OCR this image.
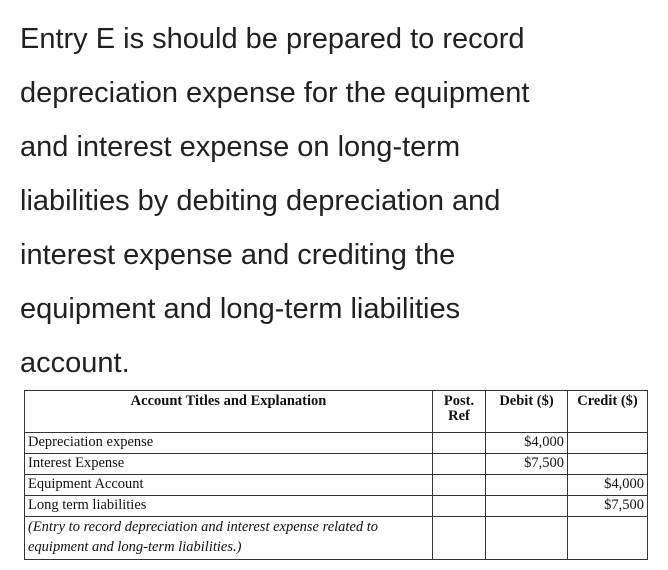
Entry E is should be prepared to record
depreciation expense for the equipment
and interest expense on long-term
liabilities by debiting depreciation and
interest expense and crediting the
equipment and long-term liabilities
account.
Account Titles and Explanation	Post. Ref	Debit ($)	Credit ($)
Depreciation expense		$4,000	
Interest Expense		$7,500	
Equipment Account			$4,000
Long term liabilities			$7,500
(Entry to record depreciation and interest expense related to equipment and long-term liabilities.)			
